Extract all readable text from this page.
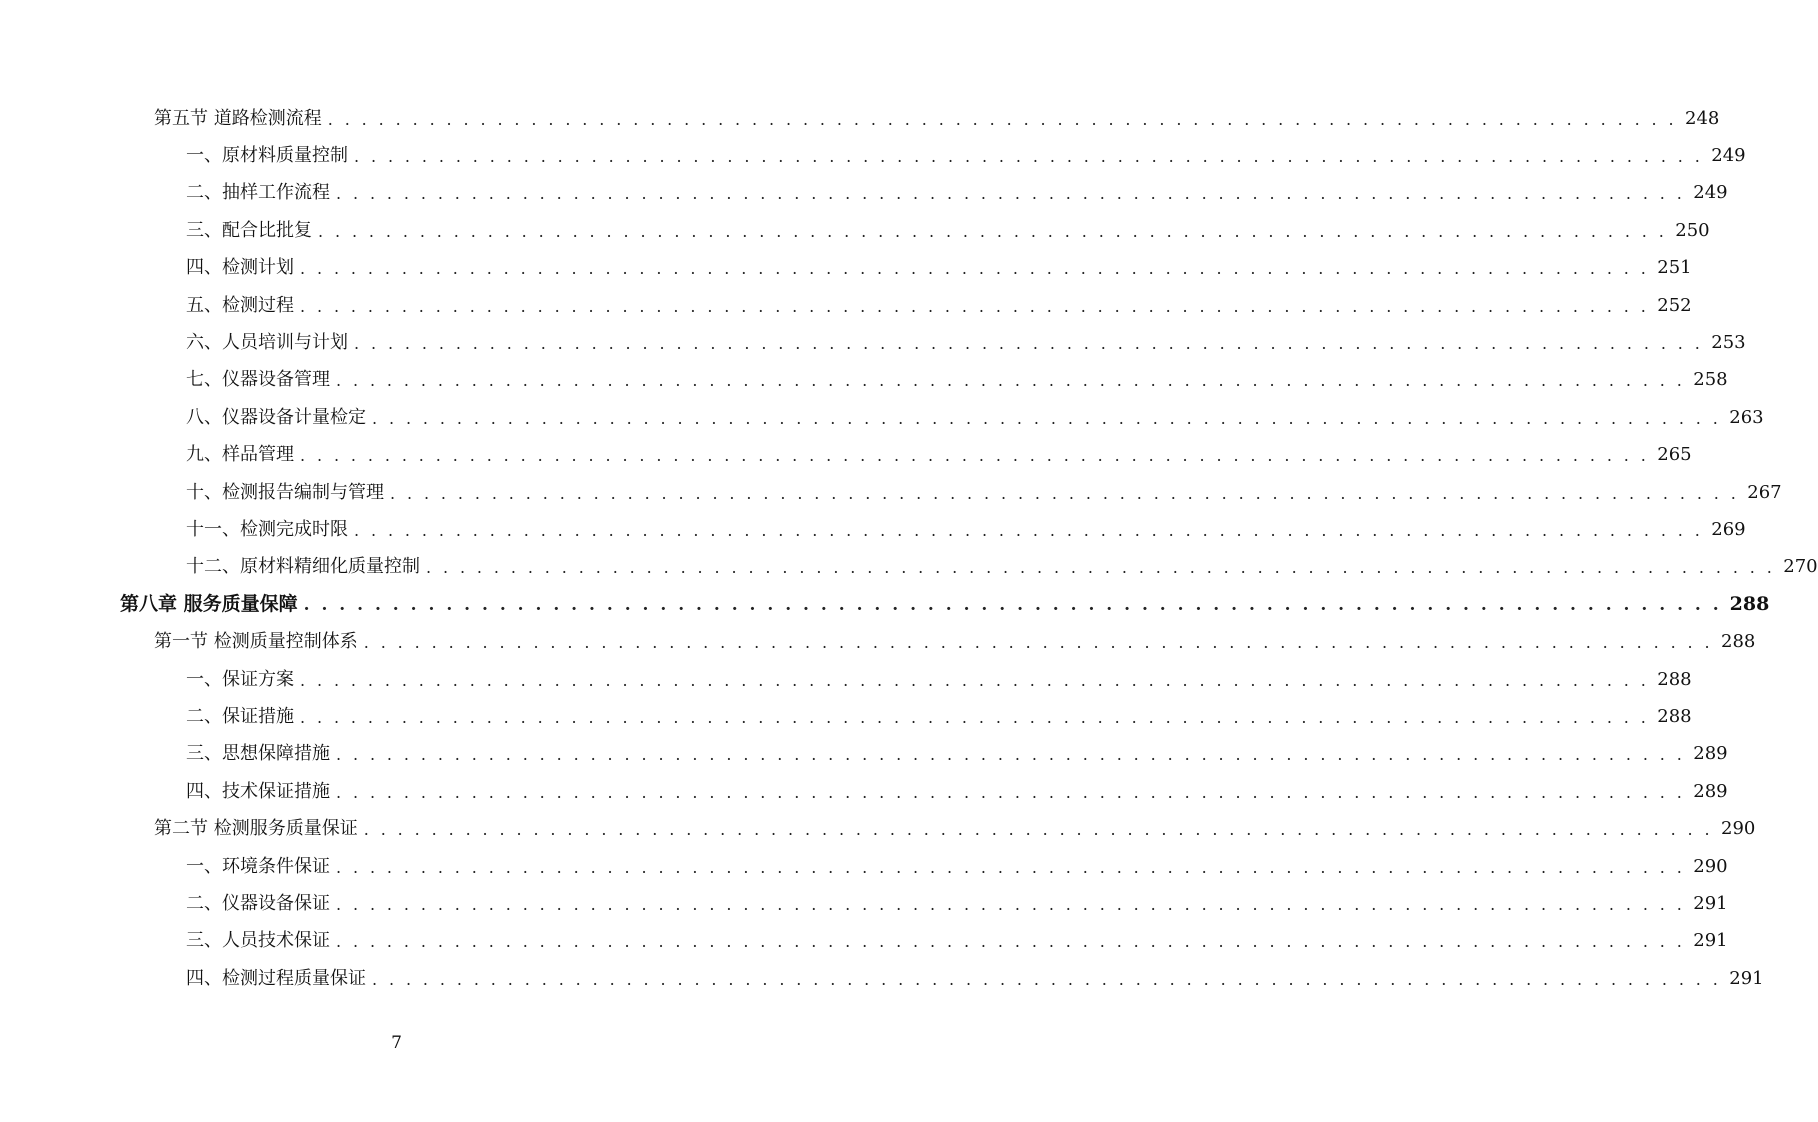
第五节 道路检测流程 . . . . . . . . . . . . . . . . . . . . . . . . . . . . . . . . . . . . . . . . . . . . . . . . . . . . . . . . . . . . . . . . . . . . . . . . . . . . . . . . 248
一、原材料质量控制 . . . . . . . . . . . . . . . . . . . . . . . . . . . . . . . . . . . . . . . . . . . . . . . . . . . . . . . . . . . . . . . . . . . . . . . . . . . . . . . . 249
二、抽样工作流程 . . . . . . . . . . . . . . . . . . . . . . . . . . . . . . . . . . . . . . . . . . . . . . . . . . . . . . . . . . . . . . . . . . . . . . . . . . . . . . . . 249
三、配合比批复 . . . . . . . . . . . . . . . . . . . . . . . . . . . . . . . . . . . . . . . . . . . . . . . . . . . . . . . . . . . . . . . . . . . . . . . . . . . . . . . . 250
四、检测计划 . . . . . . . . . . . . . . . . . . . . . . . . . . . . . . . . . . . . . . . . . . . . . . . . . . . . . . . . . . . . . . . . . . . . . . . . . . . . . . . . 251
五、检测过程 . . . . . . . . . . . . . . . . . . . . . . . . . . . . . . . . . . . . . . . . . . . . . . . . . . . . . . . . . . . . . . . . . . . . . . . . . . . . . . . . 252
六、人员培训与计划 . . . . . . . . . . . . . . . . . . . . . . . . . . . . . . . . . . . . . . . . . . . . . . . . . . . . . . . . . . . . . . . . . . . . . . . . . . . . . . . . 253
七、仪器设备管理 . . . . . . . . . . . . . . . . . . . . . . . . . . . . . . . . . . . . . . . . . . . . . . . . . . . . . . . . . . . . . . . . . . . . . . . . . . . . . . . . 258
八、仪器设备计量检定 . . . . . . . . . . . . . . . . . . . . . . . . . . . . . . . . . . . . . . . . . . . . . . . . . . . . . . . . . . . . . . . . . . . . . . . . . . . . . . . . 263
九、样品管理 . . . . . . . . . . . . . . . . . . . . . . . . . . . . . . . . . . . . . . . . . . . . . . . . . . . . . . . . . . . . . . . . . . . . . . . . . . . . . . . . 265
十、检测报告编制与管理 . . . . . . . . . . . . . . . . . . . . . . . . . . . . . . . . . . . . . . . . . . . . . . . . . . . . . . . . . . . . . . . . . . . . . . . . . . . . . . . . 267
十一、检测完成时限 . . . . . . . . . . . . . . . . . . . . . . . . . . . . . . . . . . . . . . . . . . . . . . . . . . . . . . . . . . . . . . . . . . . . . . . . . . . . . . . . 269
十二、原材料精细化质量控制 . . . . . . . . . . . . . . . . . . . . . . . . . . . . . . . . . . . . . . . . . . . . . . . . . . . . . . . . . . . . . . . . . . . . . . . . . . . . . . . . 270
第八章 服务质量保障 . . . . . . . . . . . . . . . . . . . . . . . . . . . . . . . . . . . . . . . . . . . . . . . . . . . . . . . . . . . . . . . . . . . . . . . . . . . . . . . . 288
第一节 检测质量控制体系 . . . . . . . . . . . . . . . . . . . . . . . . . . . . . . . . . . . . . . . . . . . . . . . . . . . . . . . . . . . . . . . . . . . . . . . . . . . . . . . . 288
一、保证方案 . . . . . . . . . . . . . . . . . . . . . . . . . . . . . . . . . . . . . . . . . . . . . . . . . . . . . . . . . . . . . . . . . . . . . . . . . . . . . . . . 288
二、保证措施 . . . . . . . . . . . . . . . . . . . . . . . . . . . . . . . . . . . . . . . . . . . . . . . . . . . . . . . . . . . . . . . . . . . . . . . . . . . . . . . . 288
三、思想保障措施 . . . . . . . . . . . . . . . . . . . . . . . . . . . . . . . . . . . . . . . . . . . . . . . . . . . . . . . . . . . . . . . . . . . . . . . . . . . . . . . . 289
四、技术保证措施 . . . . . . . . . . . . . . . . . . . . . . . . . . . . . . . . . . . . . . . . . . . . . . . . . . . . . . . . . . . . . . . . . . . . . . . . . . . . . . . . 289
第二节 检测服务质量保证 . . . . . . . . . . . . . . . . . . . . . . . . . . . . . . . . . . . . . . . . . . . . . . . . . . . . . . . . . . . . . . . . . . . . . . . . . . . . . . . . 290
一、环境条件保证 . . . . . . . . . . . . . . . . . . . . . . . . . . . . . . . . . . . . . . . . . . . . . . . . . . . . . . . . . . . . . . . . . . . . . . . . . . . . . . . . 290
二、仪器设备保证 . . . . . . . . . . . . . . . . . . . . . . . . . . . . . . . . . . . . . . . . . . . . . . . . . . . . . . . . . . . . . . . . . . . . . . . . . . . . . . . . 291
三、人员技术保证 . . . . . . . . . . . . . . . . . . . . . . . . . . . . . . . . . . . . . . . . . . . . . . . . . . . . . . . . . . . . . . . . . . . . . . . . . . . . . . . . 291
四、检测过程质量保证 . . . . . . . . . . . . . . . . . . . . . . . . . . . . . . . . . . . . . . . . . . . . . . . . . . . . . . . . . . . . . . . . . . . . . . . . . . . . . . . . 291
7
